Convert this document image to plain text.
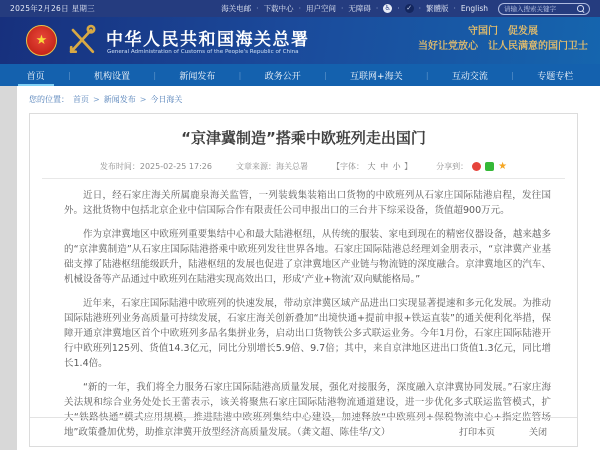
2025年2月26日 星期三	海关电邮 · 下载中心 · 用户空间 · 无障碍 · ♿ · ✓ · 繁體版 · English
请输入搜索关键字
★	中华人民共和国海关总署
General Administration of Customs of the People's Republic of China
守国门　促发展
当好让党放心　让人民满意的国门卫士
首页	|	机构设置	|	新闻发布	|	政务公开	|	互联网+海关	|	互动交流	|	专题专栏
您的位置： 首页 > 新闻发布 > 今日海关
“京津冀制造”搭乘中欧班列走出国门
发布时间：2025-02-25 17:26	文章来源：海关总署	【字体： 大 中 小 】	分享到：	★

近日，经石家庄海关所属鹿泉海关监管，一列装载集装箱出口货物的中欧班列从石家庄国际陆港启程，发往国外。这批货物中包括北京企业中信国际合作有限责任公司申报出口的三台井下综采设备，货值超900万元。

作为京津冀地区中欧班列重要集结中心和最大陆港枢纽，从传统的服装、家电到现在的精密仪器设备，越来越多的“京津冀制造”从石家庄国际陆港搭乘中欧班列发往世界各地。石家庄国际陆港总经理刘金朋表示，“京津冀产业基础支撑了陆港枢纽能级跃升，陆港枢纽的发展也促进了京津冀地区产业链与物流链的深度融合。京津冀地区的汽车、机械设备等产品通过中欧班列在陆港实现高效出口，形成‘产业+物流’双向赋能格局。”

近年来，石家庄国际陆港中欧班列的快速发展，带动京津冀区域产品进出口实现显著提速和多元化发展。为推动国际陆港班列业务高质量可持续发展，石家庄海关创新叠加“出境快通+提前申报+铁运直装”的通关便利化举措，保障开通京津冀地区首个中欧班列多品名集拼业务，启动出口货物铁公多式联运业务。今年1月份，石家庄国际陆港开行中欧班列125列、货值14.3亿元，同比分别增长5.9倍、9.7倍；其中，来自京津地区进出口货值1.3亿元，同比增长1.4倍。

“新的一年，我们将全力服务石家庄国际陆港高质量发展，强化对接服务，深度融入京津冀协同发展。”石家庄海关法规和综合业务处处长王蕾表示，该关将聚焦石家庄国际陆港物流通道建设，进一步优化多式联运监管模式，扩大“铁路快通”模式应用规模，推进陆港中欧班列集结中心建设，加速释放“中欧班列+保税物流中心+指定监管场地”政策叠加优势，助推京津冀开放型经济高质量发展。（龚文超、陈佳华/文）	打印本页	关闭
